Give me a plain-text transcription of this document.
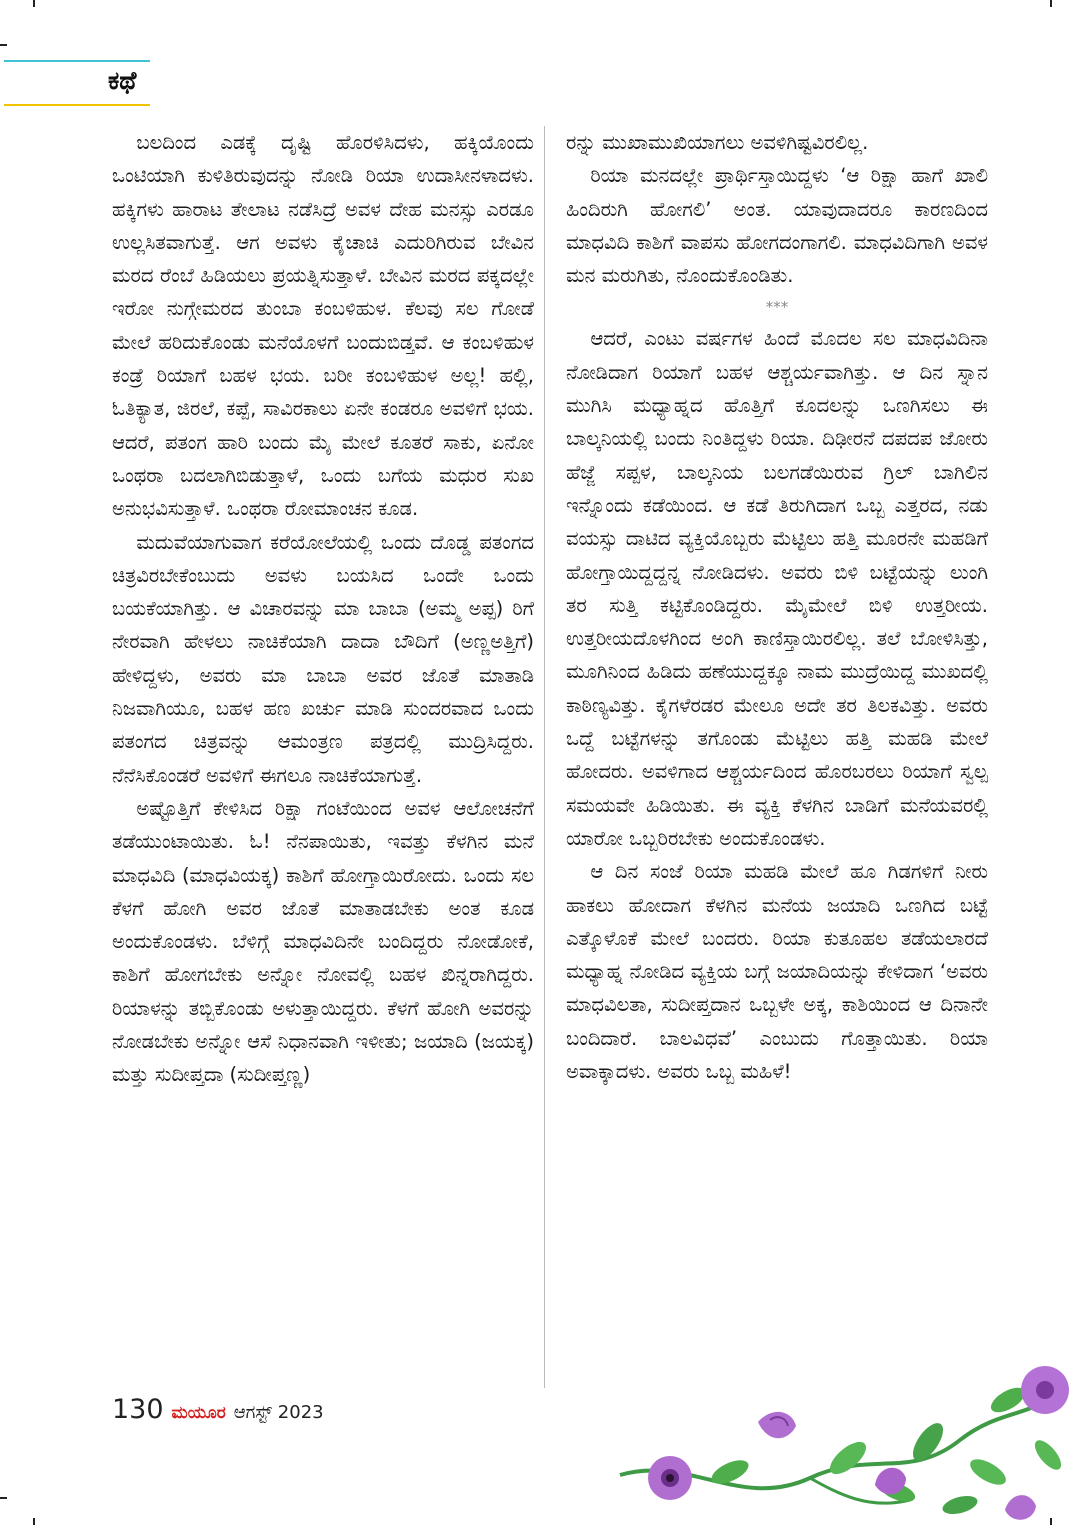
ಕಥೆ

ಬಲದಿಂದ ಎಡಕ್ಕೆ ದೃಷ್ಟಿ ಹೊರಳಿಸಿದಳು, ಹಕ್ಕಿಯೊಂದು ಒಂಟಿಯಾಗಿ ಕುಳಿತಿರುವುದನ್ನು ನೋಡಿ ರಿಯಾ ಉದಾಸೀನಳಾದಳು. ಹಕ್ಕಿಗಳು ಹಾರಾಟ ತೇಲಾಟ ನಡೆಸಿದ್ರೆ ಅವಳ ದೇಹ ಮನಸ್ಸು ಎರಡೂ ಉಲ್ಲಸಿತವಾಗುತ್ತೆ. ಆಗ ಅವಳು ಕೈಚಾಚಿ ಎದುರಿಗಿರುವ ಬೇವಿನ ಮರದ ರೆಂಬೆ ಹಿಡಿಯಲು ಪ್ರಯತ್ನಿಸುತ್ತಾಳೆ. ಬೇವಿನ ಮರದ ಪಕ್ಕದಲ್ಲೇ ಇರೋ ನುಗ್ಗೇಮರದ ತುಂಬಾ ಕಂಬಳಿಹುಳ. ಕೆಲವು ಸಲ ಗೋಡೆ ಮೇಲೆ ಹರಿದುಕೊಂಡು ಮನೆಯೊಳಗೆ ಬಂದುಬಿಡ್ತವೆ. ಆ ಕಂಬಳಿಹುಳ ಕಂಡ್ರೆ ರಿಯಾಗೆ ಬಹಳ ಭಯ. ಬರೀ ಕಂಬಳಿಹುಳ ಅಲ್ಲ! ಹಲ್ಲಿ, ಓತಿಕ್ಯಾತ, ಜಿರಲೆ, ಕಪ್ಪೆ, ಸಾವಿರಕಾಲು ಏನೇ ಕಂಡರೂ ಅವಳಿಗೆ ಭಯ. ಆದರೆ, ಪತಂಗ ಹಾರಿ ಬಂದು ಮೈ ಮೇಲೆ ಕೂತರೆ ಸಾಕು, ಏನೋ ಒಂಥರಾ ಬದಲಾಗಿಬಿಡುತ್ತಾಳೆ, ಒಂದು ಬಗೆಯ ಮಧುರ ಸುಖ ಅನುಭವಿಸುತ್ತಾಳೆ. ಒಂಥರಾ ರೋಮಾಂಚನ ಕೂಡ.

ಮದುವೆಯಾಗುವಾಗ ಕರೆಯೋಲೆಯಲ್ಲಿ ಒಂದು ದೊಡ್ಡ ಪತಂಗದ ಚಿತ್ರವಿರಬೇಕೆಂಬುದು ಅವಳು ಬಯಸಿದ ಒಂದೇ ಒಂದು ಬಯಕೆಯಾಗಿತ್ತು. ಆ ವಿಚಾರವನ್ನು ಮಾ ಬಾಬಾ (ಅಮ್ಮ ಅಪ್ಪ) ರಿಗೆ ನೇರವಾಗಿ ಹೇಳಲು ನಾಚಿಕೆಯಾಗಿ ದಾದಾ ಬೌದಿಗೆ (ಅಣ್ಣಅತ್ತಿಗೆ) ಹೇಳಿದ್ದಳು, ಅವರು ಮಾ ಬಾಬಾ ಅವರ ಜೊತೆ ಮಾತಾಡಿ ನಿಜವಾಗಿಯೂ, ಬಹಳ ಹಣ ಖರ್ಚು ಮಾಡಿ ಸುಂದರವಾದ ಒಂದು ಪತಂಗದ ಚಿತ್ರವನ್ನು ಆಮಂತ್ರಣ ಪತ್ರದಲ್ಲಿ ಮುದ್ರಿಸಿದ್ದರು. ನೆನೆಸಿಕೊಂಡರೆ ಅವಳಿಗೆ ಈಗಲೂ ನಾಚಿಕೆಯಾಗುತ್ತೆ.

ಅಷ್ಟೊತ್ತಿಗೆ ಕೇಳಿಸಿದ ರಿಕ್ಷಾ ಗಂಟೆಯಿಂದ ಅವಳ ಆಲೋಚನೆಗೆ ತಡೆಯುಂಟಾಯಿತು. ಓ! ನೆನಪಾಯಿತು, ಇವತ್ತು ಕೆಳಗಿನ ಮನೆ ಮಾಧವಿದಿ (ಮಾಧವಿಯಕ್ಕ) ಕಾಶಿಗೆ ಹೋಗ್ತಾಯಿರೋದು. ಒಂದು ಸಲ ಕೆಳಗೆ ಹೋಗಿ ಅವರ ಜೊತೆ ಮಾತಾಡಬೇಕು ಅಂತ ಕೂಡ ಅಂದುಕೊಂಡಳು. ಬೆಳಿಗ್ಗೆ ಮಾಧವಿದಿನೇ ಬಂದಿದ್ದರು ನೋಡೋಕೆ, ಕಾಶಿಗೆ ಹೋಗಬೇಕು ಅನ್ನೋ ನೋವಲ್ಲಿ ಬಹಳ ಖಿನ್ನರಾಗಿದ್ದರು. ರಿಯಾಳನ್ನು ತಬ್ಬಿಕೊಂಡು ಅಳುತ್ತಾಯಿದ್ದರು. ಕೆಳಗೆ ಹೋಗಿ ಅವರನ್ನು ನೋಡಬೇಕು ಅನ್ನೋ ಆಸೆ ನಿಧಾನವಾಗಿ ಇಳೀತು; ಜಯಾದಿ (ಜಯಕ್ಕ) ಮತ್ತು ಸುದೀಪ್ತದಾ (ಸುದೀಪ್ತಣ್ಣ)

ರನ್ನು ಮುಖಾಮುಖಿಯಾಗಲು ಅವಳಿಗಿಷ್ಟವಿರಲಿಲ್ಲ.

ರಿಯಾ ಮನದಲ್ಲೇ ಪ್ರಾರ್ಥಿಸ್ತಾಯಿದ್ದಳು ‘ಆ ರಿಕ್ಷಾ ಹಾಗೆ ಖಾಲಿ ಹಿಂದಿರುಗಿ ಹೋಗಲಿ’ ಅಂತ. ಯಾವುದಾದರೂ ಕಾರಣದಿಂದ ಮಾಧವಿದಿ ಕಾಶಿಗೆ ವಾಪಸು ಹೋಗದಂಗಾಗಲಿ. ಮಾಧವಿದಿಗಾಗಿ ಅವಳ ಮನ ಮರುಗಿತು, ನೊಂದುಕೊಂಡಿತು.

***

ಆದರೆ, ಎಂಟು ವರ್ಷಗಳ ಹಿಂದೆ ಮೊದಲ ಸಲ ಮಾಧವಿದಿನಾ ನೋಡಿದಾಗ ರಿಯಾಗೆ ಬಹಳ ಆಶ್ಚರ್ಯವಾಗಿತ್ತು. ಆ ದಿನ ಸ್ನಾನ ಮುಗಿಸಿ ಮಧ್ಯಾಹ್ನದ ಹೊತ್ತಿಗೆ ಕೂದಲನ್ನು ಒಣಗಿಸಲು ಈ ಬಾಲ್ಕನಿಯಲ್ಲಿ ಬಂದು ನಿಂತಿದ್ದಳು ರಿಯಾ. ದಿಢೀರನೆ ದಪದಪ ಜೋರು ಹೆಜ್ಜೆ ಸಪ್ಪಳ, ಬಾಲ್ಕನಿಯ ಬಲಗಡೆಯಿರುವ ಗ್ರಿಲ್ ಬಾಗಿಲಿನ ಇನ್ನೊಂದು ಕಡೆಯಿಂದ. ಆ ಕಡೆ ತಿರುಗಿದಾಗ ಒಬ್ಬ ಎತ್ತರದ, ನಡು ವಯಸ್ಸು ದಾಟಿದ ವ್ಯಕ್ತಿಯೊಬ್ಬರು ಮೆಟ್ಟಿಲು ಹತ್ತಿ ಮೂರನೇ ಮಹಡಿಗೆ ಹೋಗ್ತಾಯಿದ್ದದ್ದನ್ನ ನೋಡಿದಳು. ಅವರು ಬಿಳಿ ಬಟ್ಟೆಯನ್ನು ಲುಂಗಿ ತರ ಸುತ್ತಿ ಕಟ್ಟಿಕೊಂಡಿದ್ದರು. ಮೈಮೇಲೆ ಬಿಳಿ ಉತ್ತರೀಯ. ಉತ್ತರೀಯದೊಳಗಿಂದ ಅಂಗಿ ಕಾಣಿಸ್ತಾಯಿರಲಿಲ್ಲ. ತಲೆ ಬೋಳಿಸಿತ್ತು, ಮೂಗಿನಿಂದ ಹಿಡಿದು ಹಣೆಯುದ್ದಕ್ಕೂ ನಾಮ ಮುದ್ರೆಯಿದ್ದ ಮುಖದಲ್ಲಿ ಕಾಠಿಣ್ಯವಿತ್ತು. ಕೈಗಳೆರಡರ ಮೇಲೂ ಅದೇ ತರ ತಿಲಕವಿತ್ತು. ಅವರು ಒದ್ದೆ ಬಟ್ಟೆಗಳನ್ನು ತಗೊಂಡು ಮೆಟ್ಟಿಲು ಹತ್ತಿ ಮಹಡಿ ಮೇಲೆ ಹೋದರು. ಅವಳಿಗಾದ ಆಶ್ಚರ್ಯದಿಂದ ಹೊರಬರಲು ರಿಯಾಗೆ ಸ್ವಲ್ಪ ಸಮಯವೇ ಹಿಡಿಯಿತು. ಈ ವ್ಯಕ್ತಿ ಕೆಳಗಿನ ಬಾಡಿಗೆ ಮನೆಯವರಲ್ಲಿ ಯಾರೋ ಒಬ್ಬರಿರಬೇಕು ಅಂದುಕೊಂಡಳು.

ಆ ದಿನ ಸಂಜೆ ರಿಯಾ ಮಹಡಿ ಮೇಲೆ ಹೂ ಗಿಡಗಳಿಗೆ ನೀರು ಹಾಕಲು ಹೋದಾಗ ಕೆಳಗಿನ ಮನೆಯ ಜಯಾದಿ ಒಣಗಿದ ಬಟ್ಟೆ ಎತ್ಕೊಳೊಕೆ ಮೇಲೆ ಬಂದರು. ರಿಯಾ ಕುತೂಹಲ ತಡೆಯಲಾರದೆ ಮಧ್ಯಾಹ್ನ ನೋಡಿದ ವ್ಯಕ್ತಿಯ ಬಗ್ಗೆ ಜಯಾದಿಯನ್ನು ಕೇಳಿದಾಗ ‘ಅವರು ಮಾಧವಿಲತಾ, ಸುದೀಪ್ತದಾನ ಒಬ್ಬಳೇ ಅಕ್ಕ, ಕಾಶಿಯಿಂದ ಆ ದಿನಾನೇ ಬಂದಿದಾರೆ. ಬಾಲವಿಧವೆ’ ಎಂಬುದು ಗೊತ್ತಾಯಿತು. ರಿಯಾ ಅವಾಕ್ಕಾದಳು. ಅವರು ಒಬ್ಬ ಮಹಿಳೆ!

130 ಮಯೂರ ಆಗಸ್ಟ್ 2023
